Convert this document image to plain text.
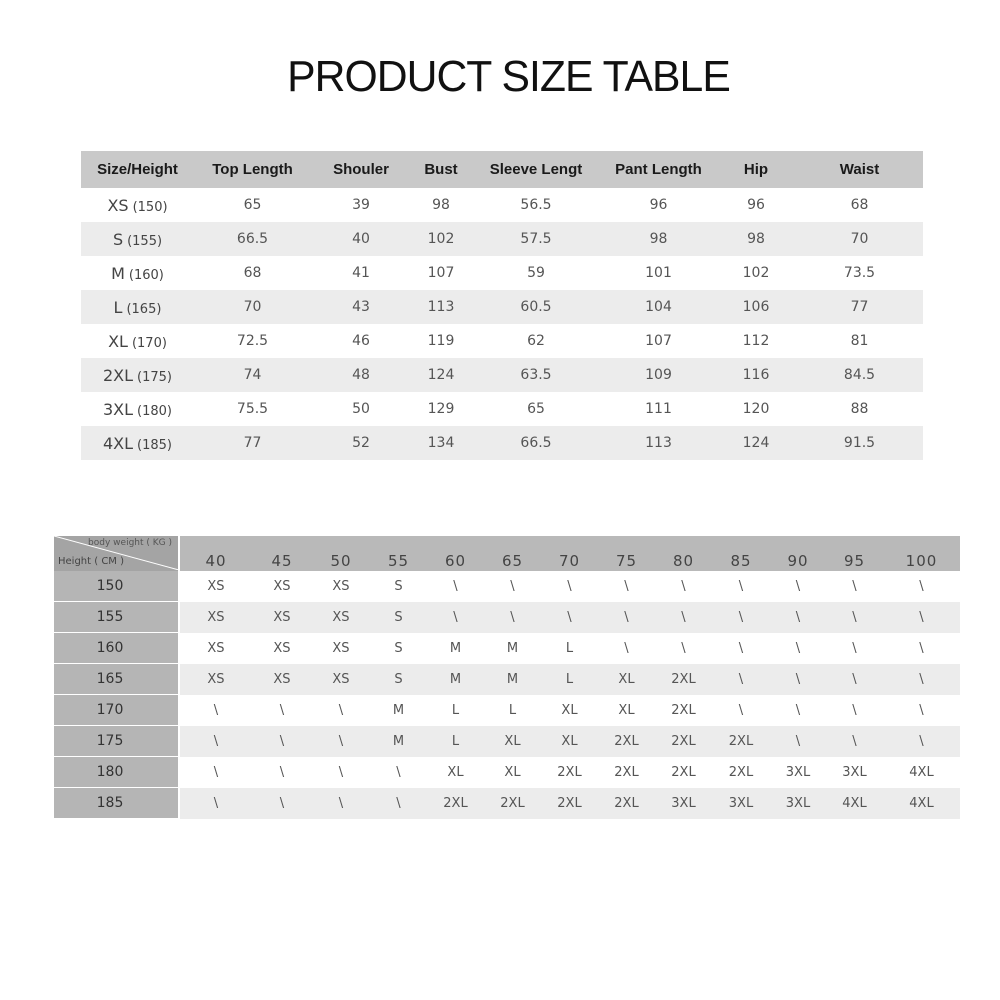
PRODUCT SIZE TABLE
Size/Height	Top Length	Shouler	Bust	Sleeve Lengt	Pant Length	Hip	Waist
XS (150)	65	39	98	56.5	96	96	68
S (155)	66.5	40	102	57.5	98	98	70
M (160)	68	41	107	59	101	102	73.5
L (165)	70	43	113	60.5	104	106	77
XL (170)	72.5	46	119	62	107	112	81
2XL (175)	74	48	124	63.5	109	116	84.5
3XL (180)	75.5	50	129	65	111	120	88
4XL (185)	77	52	134	66.5	113	124	91.5
body weight ( KG )
Height ( CM )	40	45	50	55	60	65	70	75	80	85	90	95	100
150	XS	XS	XS	S	\	\	\	\	\	\	\	\	\
155	XS	XS	XS	S	\	\	\	\	\	\	\	\	\
160	XS	XS	XS	S	M	M	L	\	\	\	\	\	\
165	XS	XS	XS	S	M	M	L	XL	2XL	\	\	\	\
170	\	\	\	M	L	L	XL	XL	2XL	\	\	\	\
175	\	\	\	M	L	XL	XL	2XL	2XL	2XL	\	\	\
180	\	\	\	\	XL	XL	2XL	2XL	2XL	2XL	3XL	3XL	4XL
185	\	\	\	\	2XL	2XL	2XL	2XL	3XL	3XL	3XL	4XL	4XL
